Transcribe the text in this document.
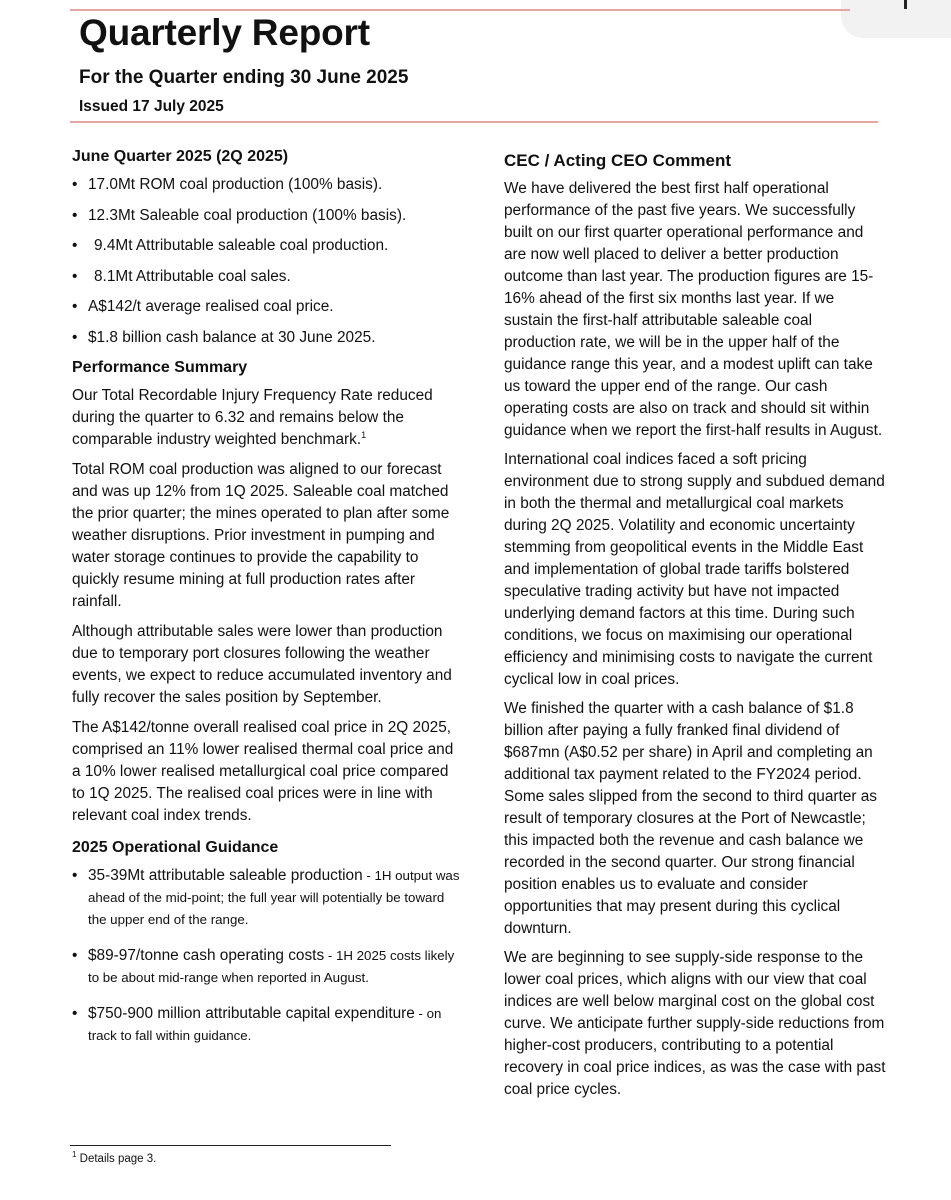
Quarterly Report
For the Quarter ending 30 June 2025
Issued 17 July 2025
June Quarter 2025 (2Q 2025)
• 17.0Mt ROM coal production (100% basis).
• 12.3Mt Saleable coal production (100% basis).
• 9.4Mt Attributable saleable coal production.
• 8.1Mt Attributable coal sales.
• A$142/t average realised coal price.
• $1.8 billion cash balance at 30 June 2025.
Performance Summary

Our Total Recordable Injury Frequency Rate reduced during the quarter to 6.32 and remains below the comparable industry weighted benchmark.$^1$

Total ROM coal production was aligned to our forecast and was up 12% from 1Q 2025. Saleable coal matched the prior quarter; the mines operated to plan after some weather disruptions. Prior investment in pumping and water storage continues to provide the capability to quickly resume mining at full production rates after rainfall.

Although attributable sales were lower than production due to temporary port closures following the weather events, we expect to reduce accumulated inventory and fully recover the sales position by September.

The A$142/tonne overall realised coal price in 2Q 2025, comprised an 11% lower realised thermal coal price and a 10% lower realised metallurgical coal price compared to 1Q 2025. The realised coal prices were in line with relevant coal index trends.

2025 Operational Guidance
• 35-39Mt attributable saleable production - 1H output was ahead of the mid-point; the full year will potentially be toward the upper end of the range.
• $89-97/tonne cash operating costs - 1H 2025 costs likely to be about mid-range when reported in August.
• $750-900 million attributable capital expenditure - on track to fall within guidance.
CEC / Acting CEO Comment

We have delivered the best first half operational performance of the past five years. We successfully built on our first quarter operational performance and are now well placed to deliver a better production outcome than last year. The production figures are 15-16% ahead of the first six months last year. If we sustain the first-half attributable saleable coal production rate, we will be in the upper half of the guidance range this year, and a modest uplift can take us toward the upper end of the range. Our cash operating costs are also on track and should sit within guidance when we report the first-half results in August.

International coal indices faced a soft pricing environment due to strong supply and subdued demand in both the thermal and metallurgical coal markets during 2Q 2025. Volatility and economic uncertainty stemming from geopolitical events in the Middle East and implementation of global trade tariffs bolstered speculative trading activity but have not impacted underlying demand factors at this time. During such conditions, we focus on maximising our operational efficiency and minimising costs to navigate the current cyclical low in coal prices.

We finished the quarter with a cash balance of $1.8 billion after paying a fully franked final dividend of $687mn (A$0.52 per share) in April and completing an additional tax payment related to the FY2024 period. Some sales slipped from the second to third quarter as result of temporary closures at the Port of Newcastle; this impacted both the revenue and cash balance we recorded in the second quarter. Our strong financial position enables us to evaluate and consider opportunities that may present during this cyclical downturn.

We are beginning to see supply-side response to the lower coal prices, which aligns with our view that coal indices are well below marginal cost on the global cost curve. We anticipate further supply-side reductions from higher-cost producers, contributing to a potential recovery in coal price indices, as was the case with past coal price cycles.

$^1$ Details page 3.
